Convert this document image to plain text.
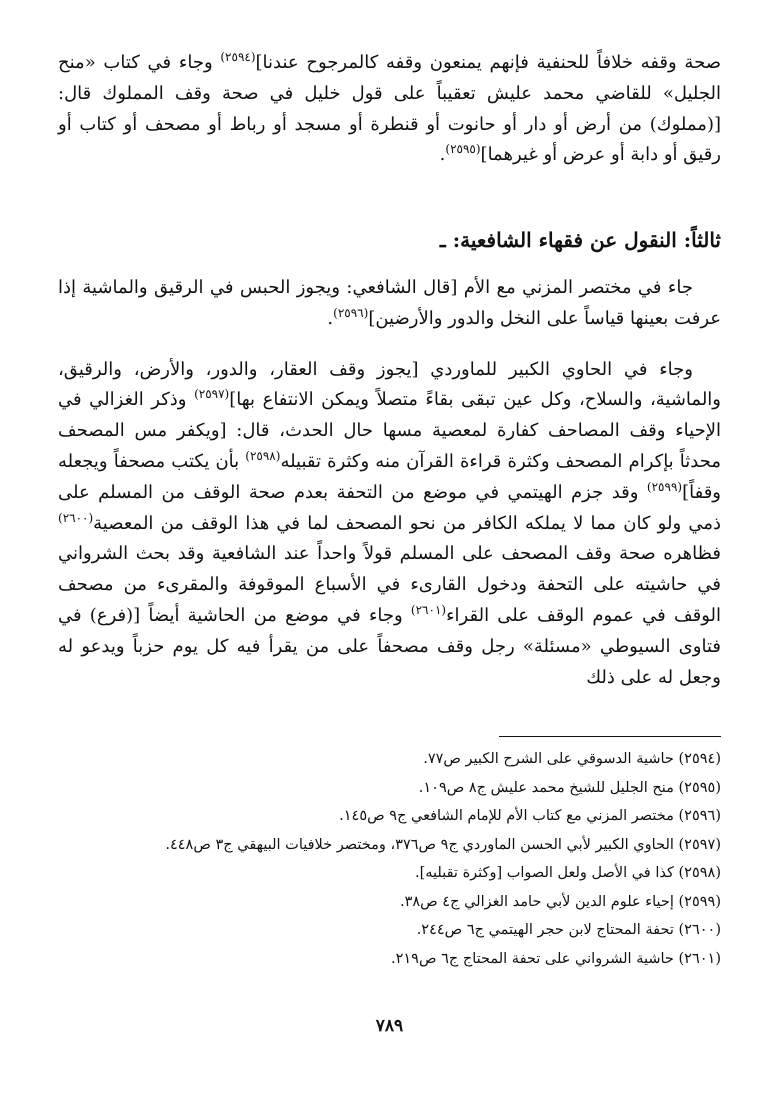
صحة وقفه خلافاً للحنفية فإنهم يمنعون وقفه كالمرجوح عندنا]$^{(٢٥٩٤)}$ وجاء في كتاب «منح الجليل» للقاضي محمد عليش تعقيباً على قول خليل في صحة وقف المملوك قال: [(مملوك) من أرض أو دار أو حانوت أو قنطرة أو مسجد أو رباط أو مصحف أو كتاب أو رقيق أو دابة أو عرض أو غيرهما]$^{(٢٥٩٥)}$.

ثالثاً: النقول عن فقهاء الشافعية: ـ

جاء في مختصر المزني مع الأم [قال الشافعي: ويجوز الحبس في الرقيق والماشية إذا عرفت بعينها قياساً على النخل والدور والأرضين]$^{(٢٥٩٦)}$.

وجاء في الحاوي الكبير للماوردي [يجوز وقف العقار، والدور، والأرض، والرقيق، والماشية، والسلاح، وكل عين تبقى بقاءً متصلاً ويمكن الانتفاع بها]$^{(٢٥٩٧)}$ وذكر الغزالي في الإحياء وقف المصاحف كفارة لمعصية مسها حال الحدث، قال: [ويكفر مس المصحف محدثاً بإكرام المصحف وكثرة قراءة القرآن منه وكثرة تقبيله$^{(٢٥٩٨)}$ بأن يكتب مصحفاً ويجعله وقفاً]$^{(٢٥٩٩)}$ وقد جزم الهيتمي في موضع من التحفة بعدم صحة الوقف من المسلم على ذمي ولو كان مما لا يملكه الكافر من نحو المصحف لما في هذا الوقف من المعصية$^{(٢٦٠٠)}$ فظاهره صحة وقف المصحف على المسلم قولاً واحداً عند الشافعية وقد بحث الشرواني في حاشيته على التحفة ودخول القارىء في الأسباع الموقوفة والمقرىء من مصحف الوقف في عموم الوقف على القراء$^{(٢٦٠١)}$ وجاء في موضع من الحاشية أيضاً [(فرع) في فتاوى السيوطي «مسئلة» رجل وقف مصحفاً على من يقرأ فيه كل يوم حزباً ويدعو له وجعل له على ذلك

(٢٥٩٤) حاشية الدسوقي على الشرح الكبير ص٧٧.

(٢٥٩٥) منح الجليل للشيخ محمد عليش ج٨ ص١٠٩.

(٢٥٩٦) مختصر المزني مع كتاب الأم للإمام الشافعي ج٩ ص١٤٥.

(٢٥٩٧) الحاوي الكبير لأبي الحسن الماوردي ج٩ ص٣٧٦، ومختصر خلافيات البيهقي ج٣ ص٤٤٨.

(٢٥٩٨) كذا في الأصل ولعل الصواب [وكثرة تقبليه].

(٢٥٩٩) إحياء علوم الدين لأبي حامد الغزالي ج٤ ص٣٨.

(٢٦٠٠) تحفة المحتاج لابن حجر الهيتمي ج٦ ص٢٤٤.

(٢٦٠١) حاشية الشرواني على تحفة المحتاج ج٦ ص٢١٩.

٧٨٩
